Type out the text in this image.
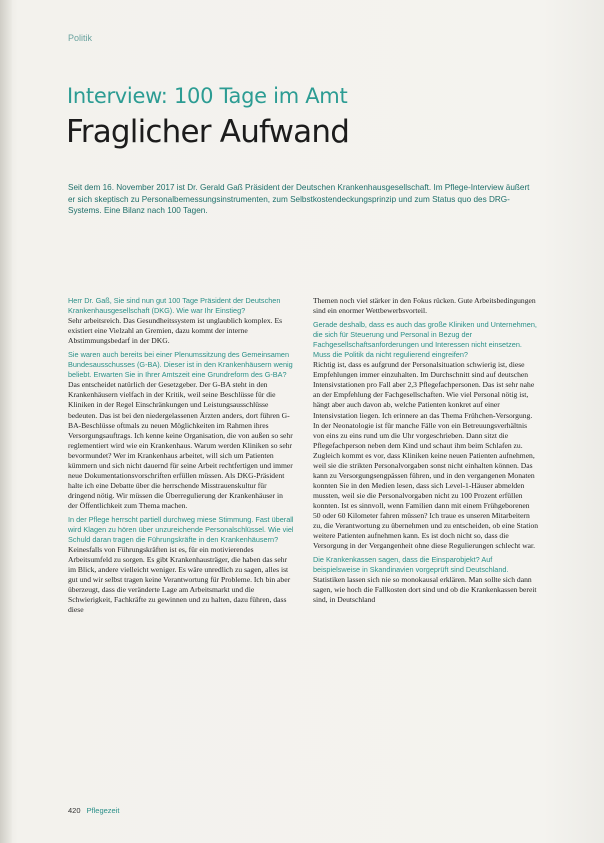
Politik
Interview: 100 Tage im Amt
Fraglicher Aufwand
Seit dem 16. November 2017 ist Dr. Gerald Gaß Präsident der Deutschen Krankenhausgesellschaft. Im Pflege-Interview äußert er sich skeptisch zu Personalbemessungsinstrumenten, zum Selbstkostendeckungsprinzip und zum Status quo des DRG-Systems. Eine Bilanz nach 100 Tagen.

Herr Dr. Gaß, Sie sind nun gut 100 Tage Präsident der Deutschen Krankenhausgesellschaft (DKG). Wie war Ihr Einstieg?
Sehr arbeitsreich. Das Gesundheitssystem ist unglaublich komplex. Es existiert eine Vielzahl an Gremien, dazu kommt der interne Abstimmungsbedarf in der DKG.

Sie waren auch bereits bei einer Plenumssitzung des Gemeinsamen Bundesausschusses (G-BA). Dieser ist in den Krankenhäusern wenig beliebt. Erwarten Sie in Ihrer Amtszeit eine Grundreform des G-BA?
Das entscheidet natürlich der Gesetzgeber. Der G-BA steht in den Krankenhäusern vielfach in der Kritik, weil seine Beschlüsse für die Kliniken in der Regel Einschränkungen und Leistungsausschlüsse bedeuten. Das ist bei den niedergelassenen Ärzten anders, dort führen G-BA-Beschlüsse oftmals zu neuen Möglichkeiten im Rahmen ihres Versorgungsauftrags. Ich kenne keine Organisation, die von außen so sehr reglementiert wird wie ein Krankenhaus. Warum werden Kliniken so sehr bevormundet? Wer im Krankenhaus arbeitet, will sich um Patienten kümmern und sich nicht dauernd für seine Arbeit rechtfertigen und immer neue Dokumentationsvorschriften erfüllen müssen. Als DKG-Präsident halte ich eine Debatte über die herrschende Misstrauenskultur für dringend nötig. Wir müssen die Überregulierung der Krankenhäuser in der Öffentlichkeit zum Thema machen.

In der Pflege herrscht partiell durchweg miese Stimmung. Fast überall wird Klagen zu hören über unzureichende Personalschlüssel. Wie viel Schuld daran tragen die Führungskräfte in den Krankenhäusern?
Keinesfalls von Führungskräften ist es, für ein motivierendes Arbeitsumfeld zu sorgen. Es gibt Krankenhausträger, die haben das sehr im Blick, andere vielleicht weniger. Es wäre unredlich zu sagen, alles ist gut und wir selbst tragen keine Verantwortung für Probleme. Ich bin aber überzeugt, dass die veränderte Lage am Arbeitsmarkt und die Schwierigkeit, Fachkräfte zu gewinnen und zu halten, dazu führen, dass diese

Themen noch viel stärker in den Fokus rücken. Gute Arbeitsbedingungen sind ein enormer Wettbewerbsvorteil.

Gerade deshalb, dass es auch das große Kliniken und Unternehmen, die sich für Steuerung und Personal in Bezug der Fachgesellschaftsanforderungen und Interessen nicht einsetzen. Muss die Politik da nicht regulierend eingreifen?
Richtig ist, dass es aufgrund der Personalsituation schwierig ist, diese Empfehlungen immer einzuhalten. Im Durchschnitt sind auf deutschen Intensivstationen pro Fall aber 2,3 Pflegefachpersonen. Das ist sehr nahe an der Empfehlung der Fachgesellschaften. Wie viel Personal nötig ist, hängt aber auch davon ab, welche Patienten konkret auf einer Intensivstation liegen. Ich erinnere an das Thema Frühchen-Versorgung. In der Neonatologie ist für manche Fälle von ein Betreuungsverhältnis von eins zu eins rund um die Uhr vorgeschrieben. Dann sitzt die Pflegefachperson neben dem Kind und schaut ihm beim Schlafen zu. Zugleich kommt es vor, dass Kliniken keine neuen Patienten aufnehmen, weil sie die strikten Personalvorgaben sonst nicht einhalten können. Das kann zu Versorgungsengpässen führen, und in den vergangenen Monaten konnten Sie in den Medien lesen, dass sich Level-1-Häuser abmelden mussten, weil sie die Personalvorgaben nicht zu 100 Prozent erfüllen konnten. Ist es sinnvoll, wenn Familien dann mit einem Frühgeborenen 50 oder 60 Kilometer fahren müssen? Ich traue es unseren Mitarbeitern zu, die Verantwortung zu übernehmen und zu entscheiden, ob eine Station weitere Patienten aufnehmen kann. Es ist doch nicht so, dass die Versorgung in der Vergangenheit ohne diese Regulierungen schlecht war.

Die Krankenkassen sagen, dass die Einsparobjekt? Auf beispielsweise in Skandinavien vorgeprüft sind Deutschland.
Statistiken lassen sich nie so monokausal erklären. Man sollte sich dann sagen, wie hoch die Fallkosten dort sind und ob die Krankenkassen bereit sind, in Deutschland

420 Pflegezeit
